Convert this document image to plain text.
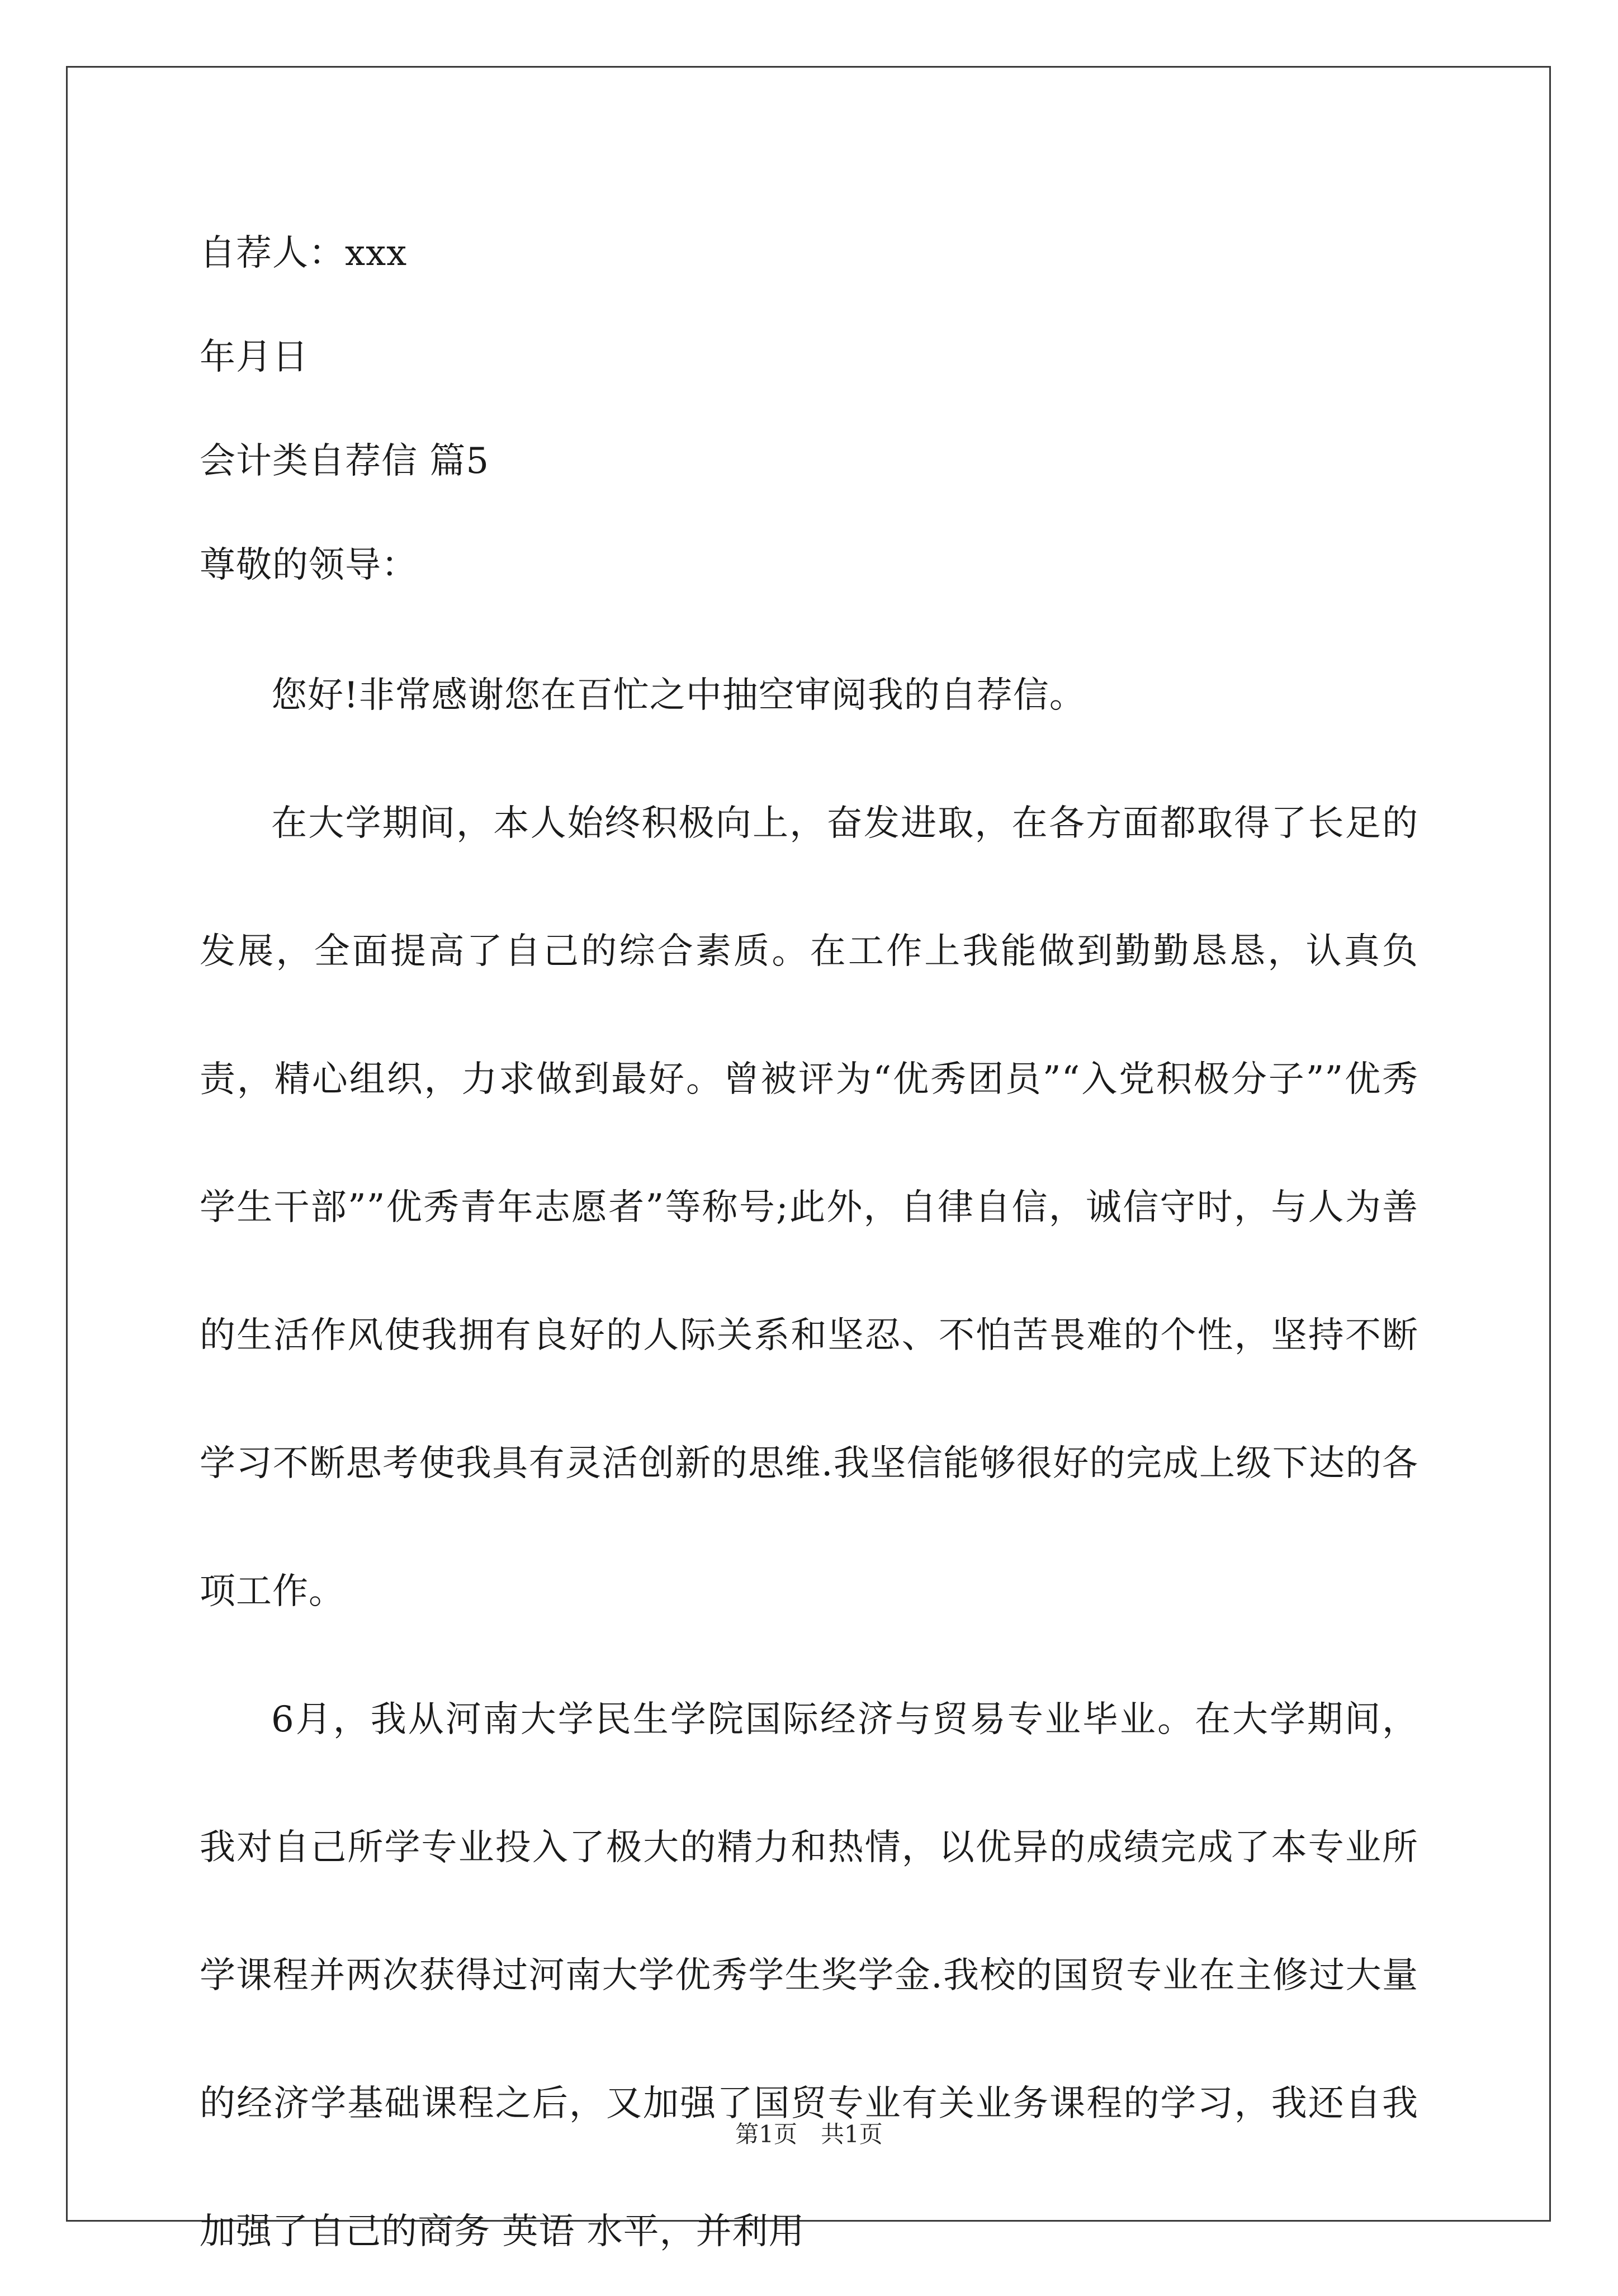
自荐人：xxx
年月日
会计类自荐信 篇5
尊敬的领导：
您好!非常感谢您在百忙之中抽空审阅我的自荐信。
在大学期间，本人始终积极向上，奋发进取，在各方面都取得了长足的发展，全面提高了自己的综合素质。在工作上我能做到勤勤恳恳，认真负责，精心组织，力求做到最好。曾被评为“优秀团员”“入党积极分子””优秀学生干部””优秀青年志愿者”等称号;此外，自律自信，诚信守时，与人为善的生活作风使我拥有良好的人际关系和坚忍、不怕苦畏难的个性，坚持不断学习不断思考使我具有灵活创新的思维.我坚信能够很好的完成上级下达的各项工作。
6月，我从河南大学民生学院国际经济与贸易专业毕业。在大学期间，我对自己所学专业投入了极大的精力和热情，以优异的成绩完成了本专业所学课程并两次获得过河南大学优秀学生奖学金.我校的国贸专业在主修过大量的经济学基础课程之后，又加强了国贸专业有关业务课程的学习，我还自我加强了自己的商务 英语 水平，并利用
第1页　共1页
